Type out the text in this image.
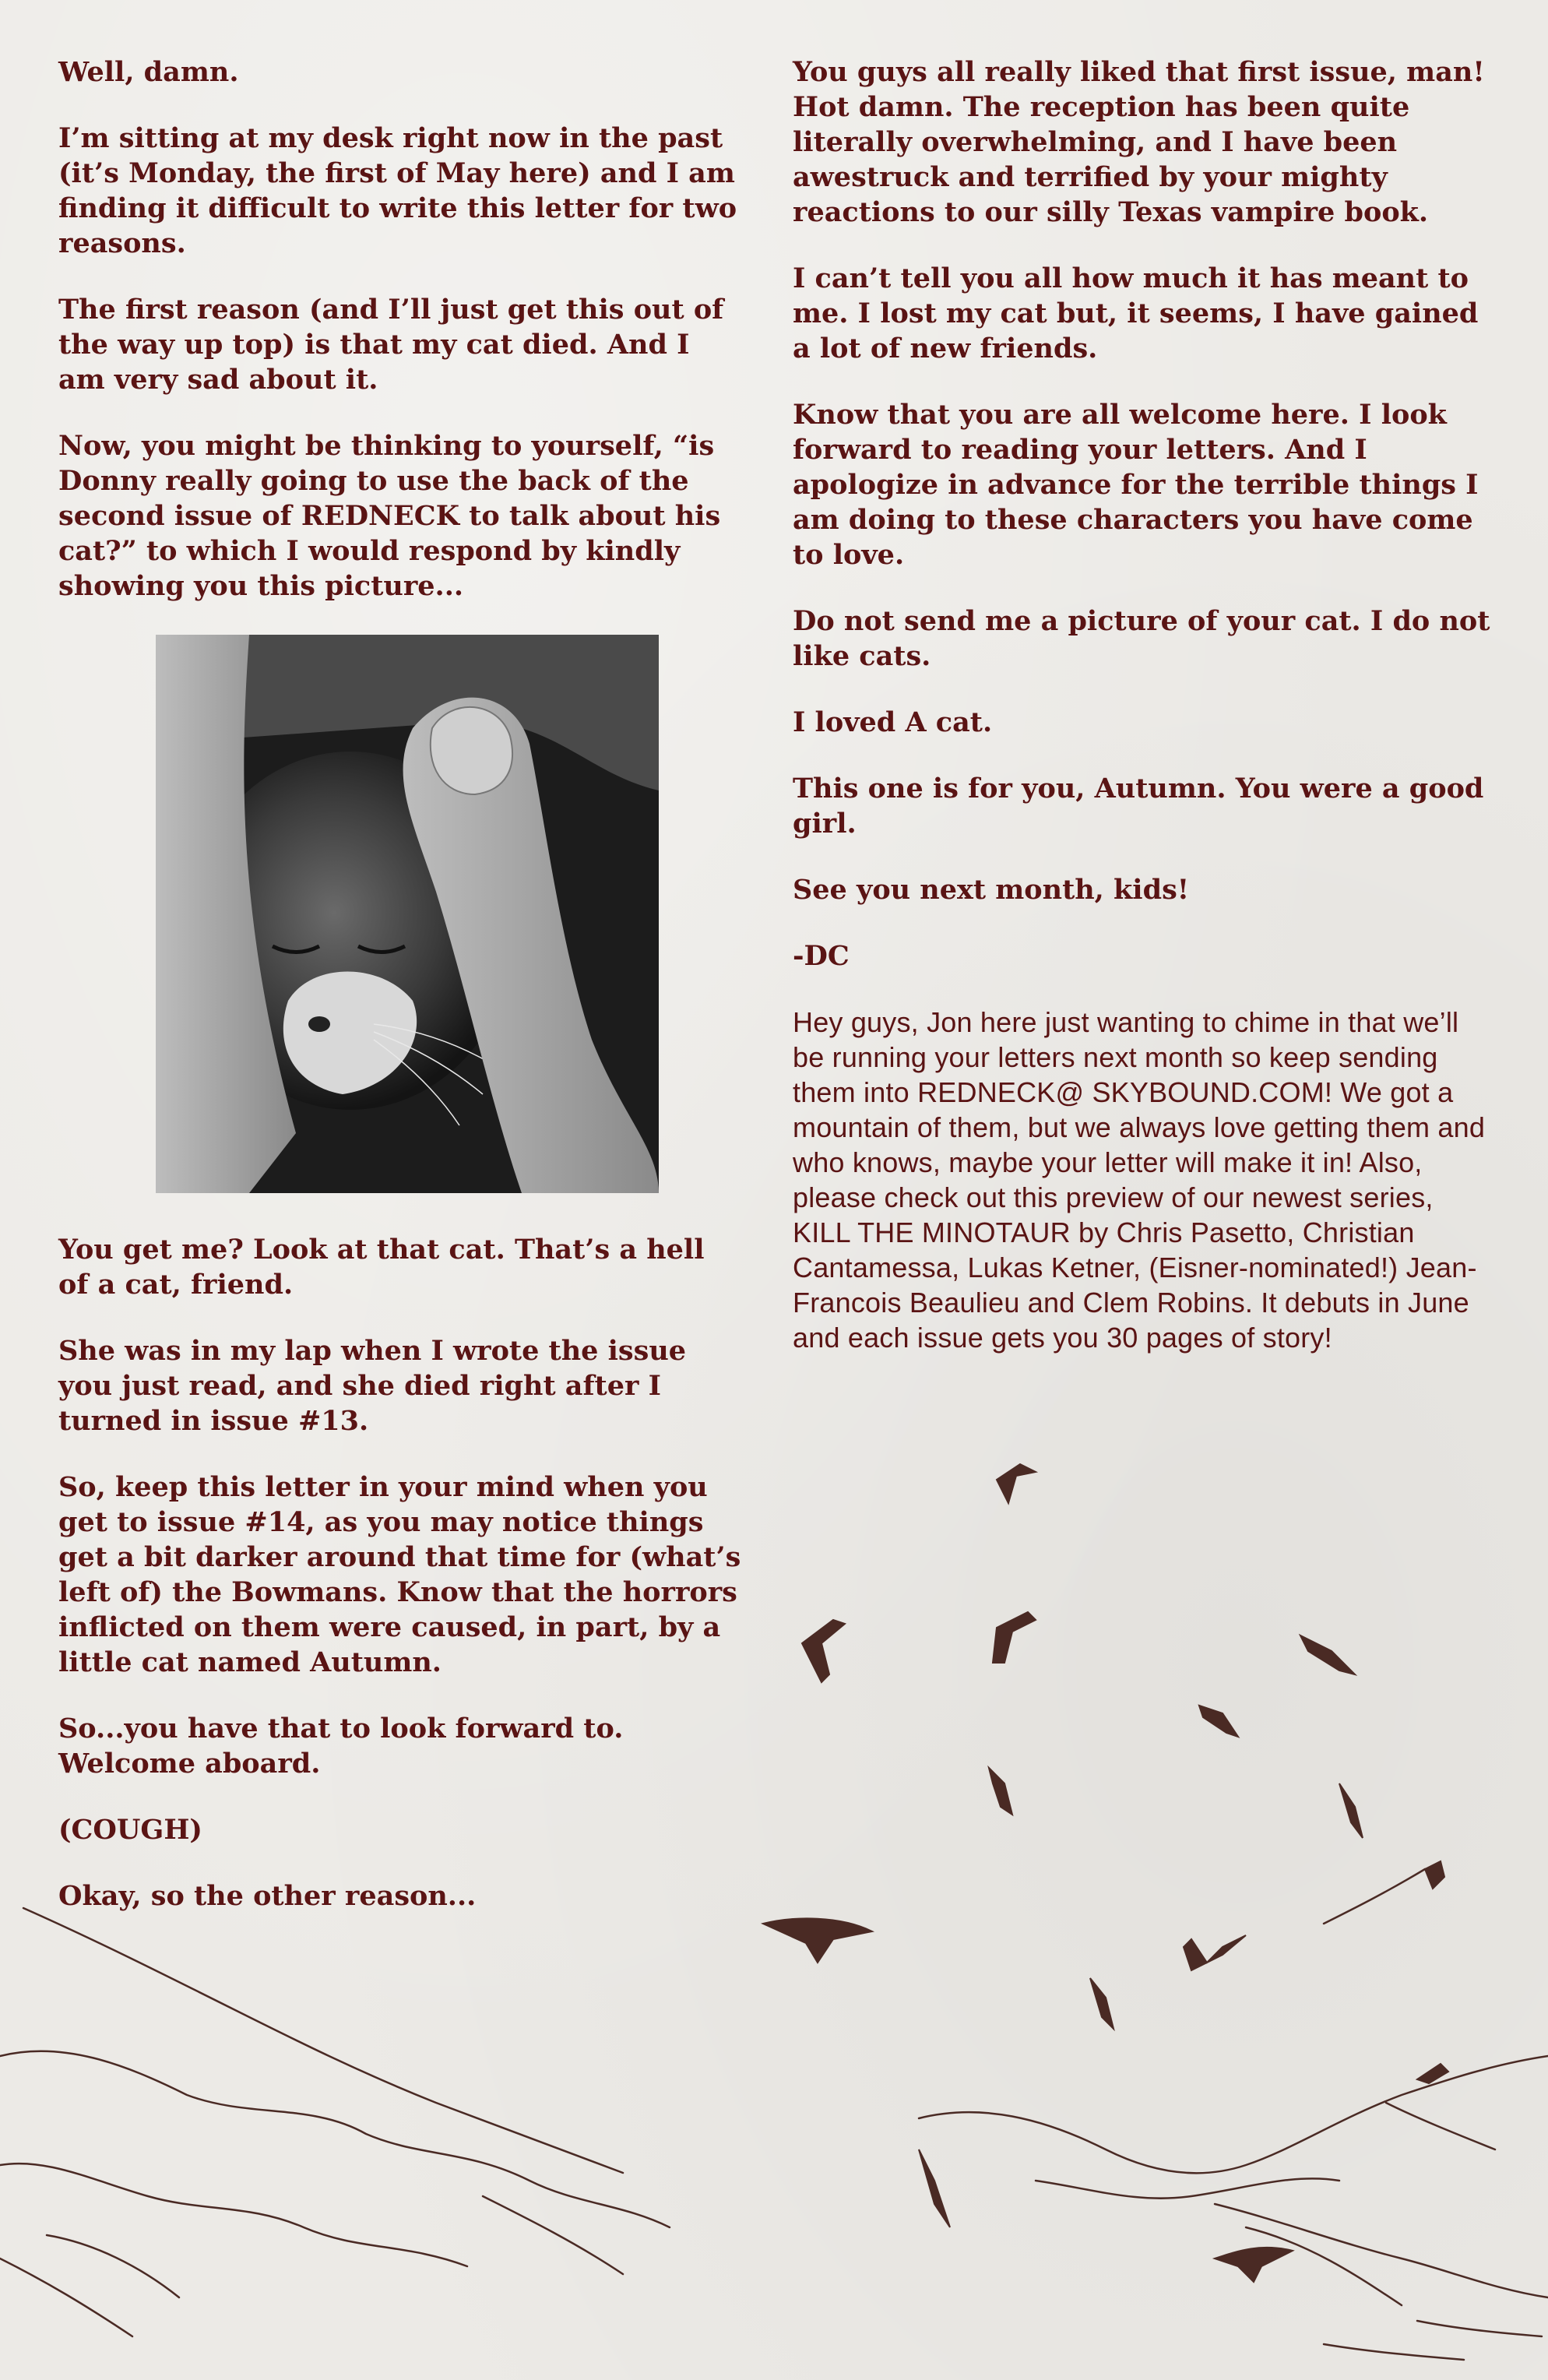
Well, damn.

I’m sitting at my desk right now in the past (it’s Monday, the first of May here) and I am finding it difficult to write this letter for two reasons.

The first reason (and I’ll just get this out of the way up top) is that my cat died. And I am very sad about it.

Now, you might be thinking to yourself, “is Donny really going to use the back of the second issue of REDNECK to talk about his cat?” to which I would respond by kindly showing you this picture...

You get me? Look at that cat. That’s a hell of a cat, friend.

She was in my lap when I wrote the issue you just read, and she died right after I turned in issue #13.

So, keep this letter in your mind when you get to issue #14, as you may notice things get a bit darker around that time for (what’s left of) the Bowmans. Know that the horrors inflicted on them were caused, in part, by a little cat named Autumn.

So...you have that to look forward to. Welcome aboard.

(COUGH)

Okay, so the other reason...

You guys all really liked that first issue, man! Hot damn. The reception has been quite literally overwhelming, and I have been awestruck and terrified by your mighty reactions to our silly Texas vampire book.

I can’t tell you all how much it has meant to me. I lost my cat but, it seems, I have gained a lot of new friends.

Know that you are all welcome here. I look forward to reading your letters. And I apologize in advance for the terrible things I am doing to these characters you have come to love.

Do not send me a picture of your cat. I do not like cats.

I loved A cat.

This one is for you, Autumn. You were a good girl.

See you next month, kids!

-DC

Hey guys, Jon here just wanting to chime in that we’ll be running your letters next month so keep sending them into REDNECK@ SKYBOUND.COM! We got a mountain of them, but we always love getting them and who knows, maybe your letter will make it in! Also, please check out this preview of our newest series, KILL THE MINOTAUR by Chris Pasetto, Christian Cantamessa, Lukas Ketner, (Eisner-nominated!) Jean-Francois Beaulieu and Clem Robins. It debuts in June and each issue gets you 30 pages of story!
